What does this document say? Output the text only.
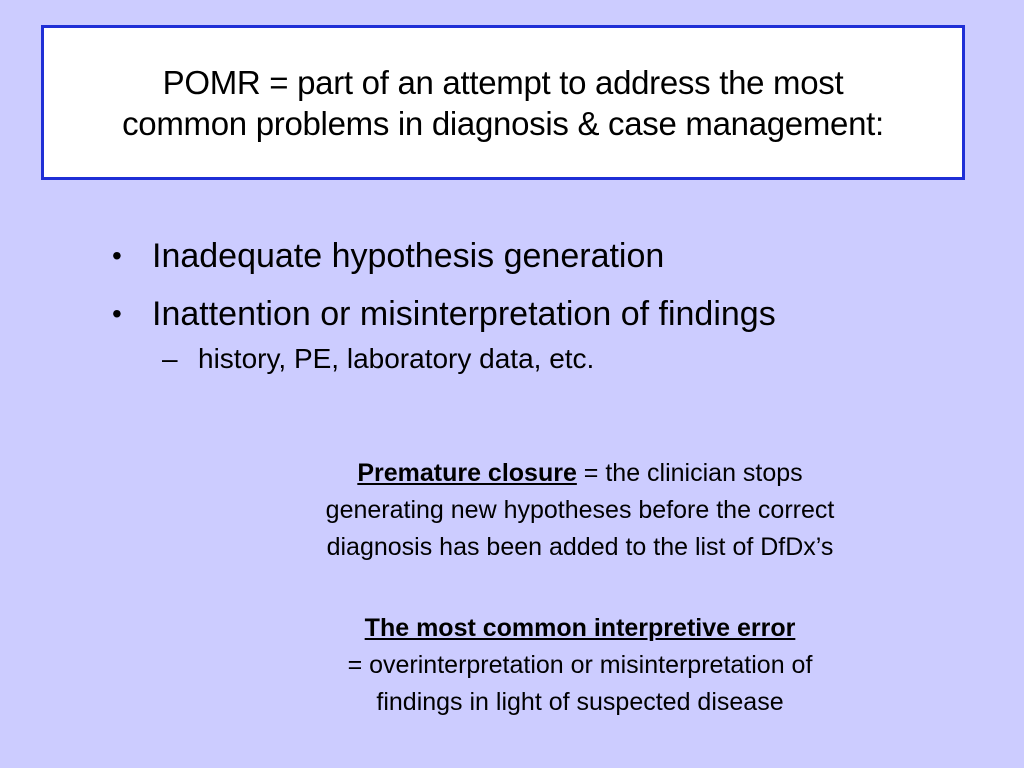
POMR = part of an attempt to address the most
common problems in diagnosis & case management:
• Inadequate hypothesis generation
• Inattention or misinterpretation of findings
– history, PE, laboratory data, etc.
Premature closure = the clinician stops
generating new hypotheses before the correct
diagnosis has been added to the list of DfDx’s
The most common interpretive error
= overinterpretation or misinterpretation of
findings in light of suspected disease
